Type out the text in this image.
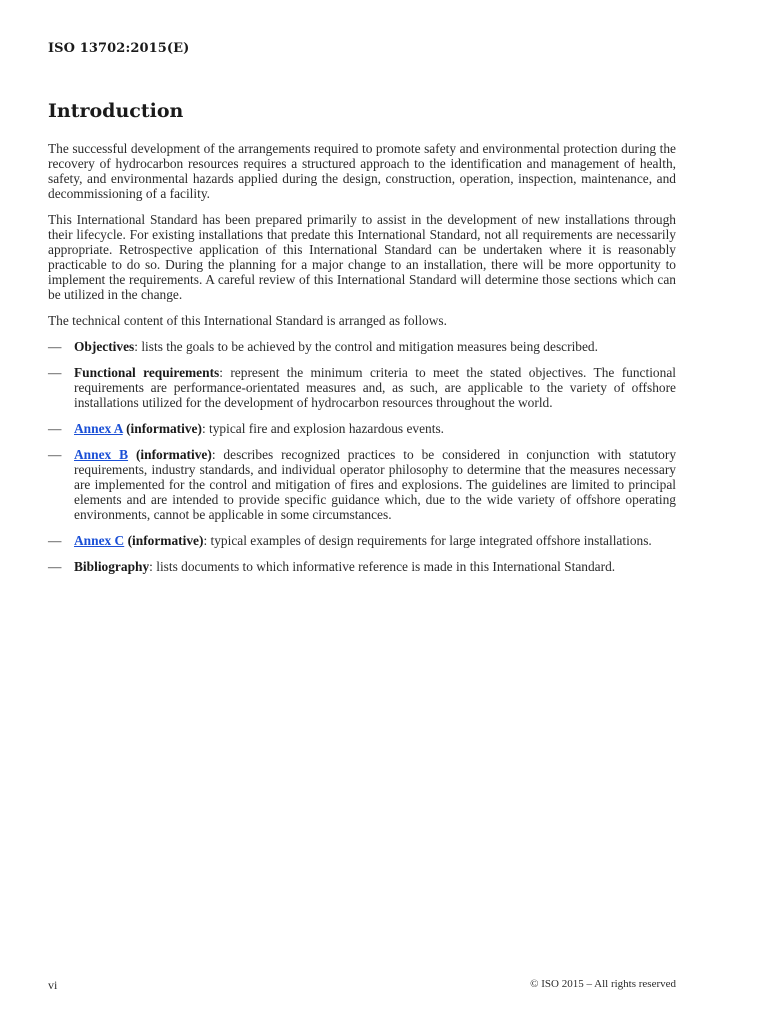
ISO 13702:2015(E)
Introduction

The successful development of the arrangements required to promote safety and environmental protection during the recovery of hydrocarbon resources requires a structured approach to the identification and management of health, safety, and environmental hazards applied during the design, construction, operation, inspection, maintenance, and decommissioning of a facility.

This International Standard has been prepared primarily to assist in the development of new installations through their lifecycle. For existing installations that predate this International Standard, not all requirements are necessarily appropriate. Retrospective application of this International Standard can be undertaken where it is reasonably practicable to do so. During the planning for a major change to an installation, there will be more opportunity to implement the requirements. A careful review of this International Standard will determine those sections which can be utilized in the change.

The technical content of this International Standard is arranged as follows.

— Objectives: lists the goals to be achieved by the control and mitigation measures being described.
— Functional requirements: represent the minimum criteria to meet the stated objectives. The functional requirements are performance-orientated measures and, as such, are applicable to the variety of offshore installations utilized for the development of hydrocarbon resources throughout the world.
— Annex A (informative): typical fire and explosion hazardous events.
— Annex B (informative): describes recognized practices to be considered in conjunction with statutory requirements, industry standards, and individual operator philosophy to determine that the measures necessary are implemented for the control and mitigation of fires and explosions. The guidelines are limited to principal elements and are intended to provide specific guidance which, due to the wide variety of offshore operating environments, cannot be applicable in some circumstances.
— Annex C (informative): typical examples of design requirements for large integrated offshore installations.
— Bibliography: lists documents to which informative reference is made in this International Standard.
vi	© ISO 2015 – All rights reserved
